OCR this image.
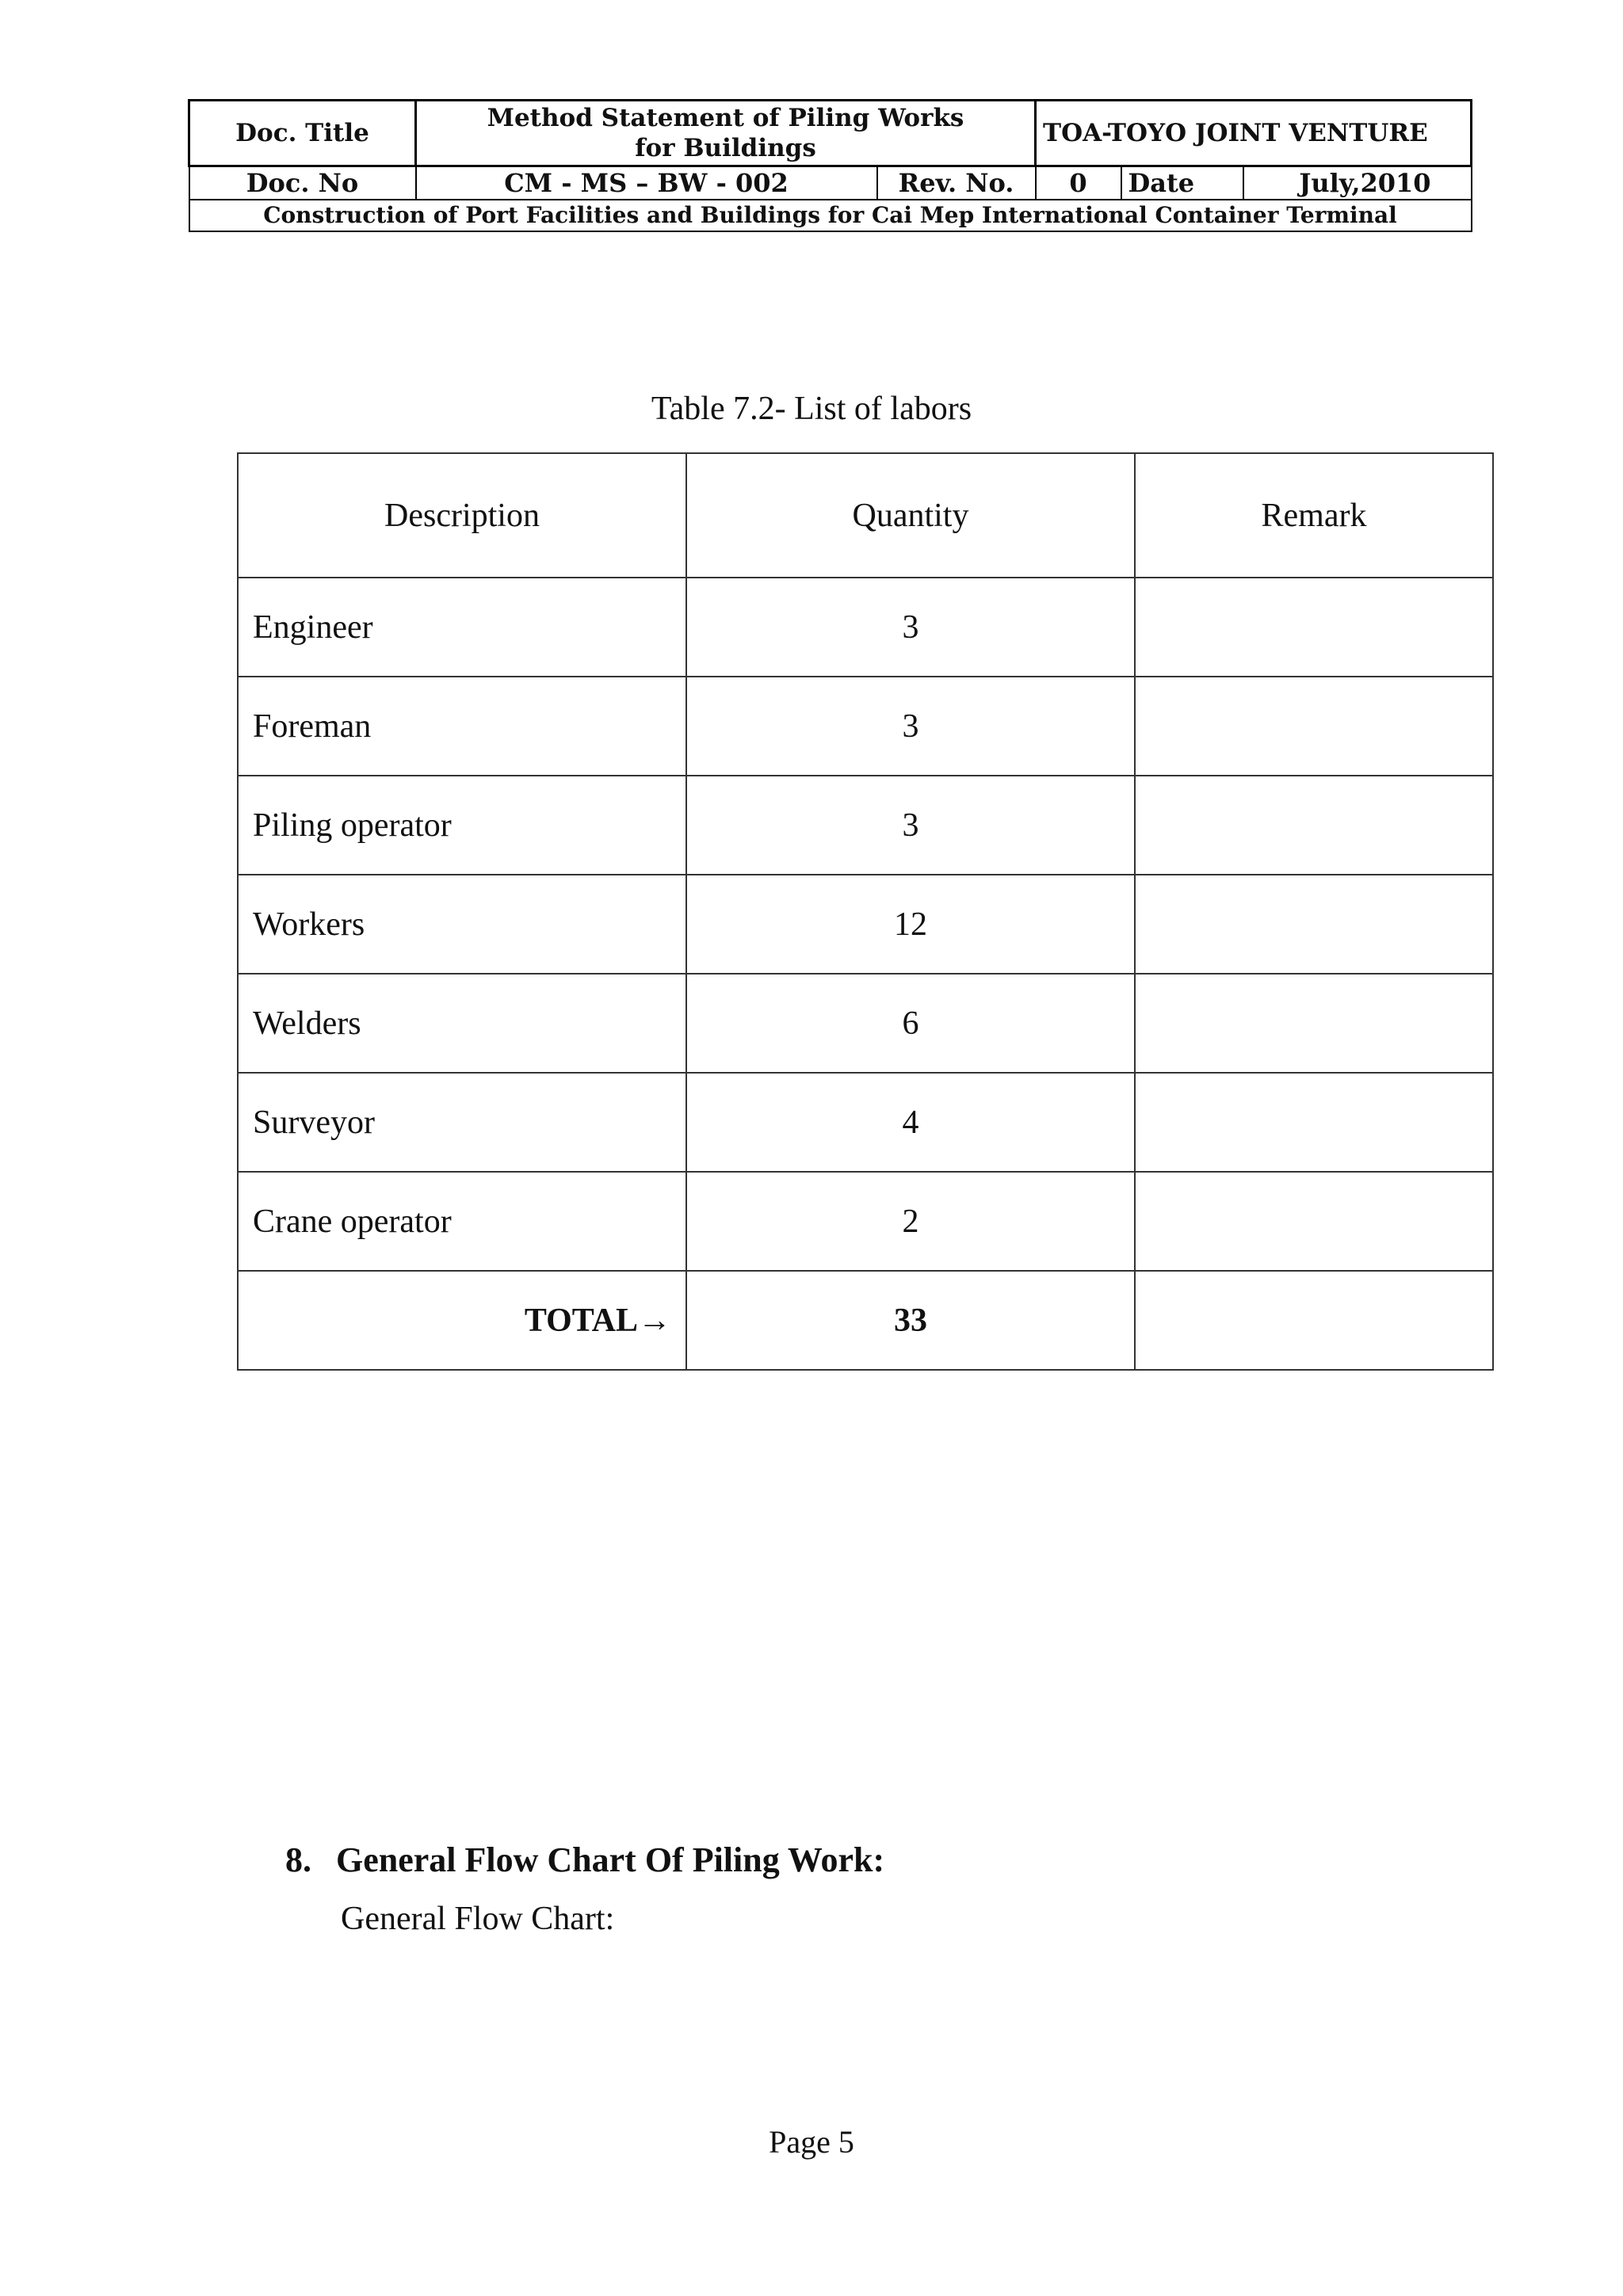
Doc. Title	Method Statement of Piling Works
for Buildings		TOA-TOYO JOINT VENTURE		
Doc. No	CM - MS – BW - 002	Rev. No.	0	Date	July,2010
Construction of Port Facilities and Buildings for Cai Mep International Container Terminal					
Table 7.2- List of labors
Description	Quantity	Remark
Engineer	3	
Foreman	3	
Piling operator	3	
Workers	12	
Welders	6	
Surveyor	4	
Crane operator	2	
TOTAL→	33	
8. General Flow Chart Of Piling Work:
General Flow Chart:
Page 5
